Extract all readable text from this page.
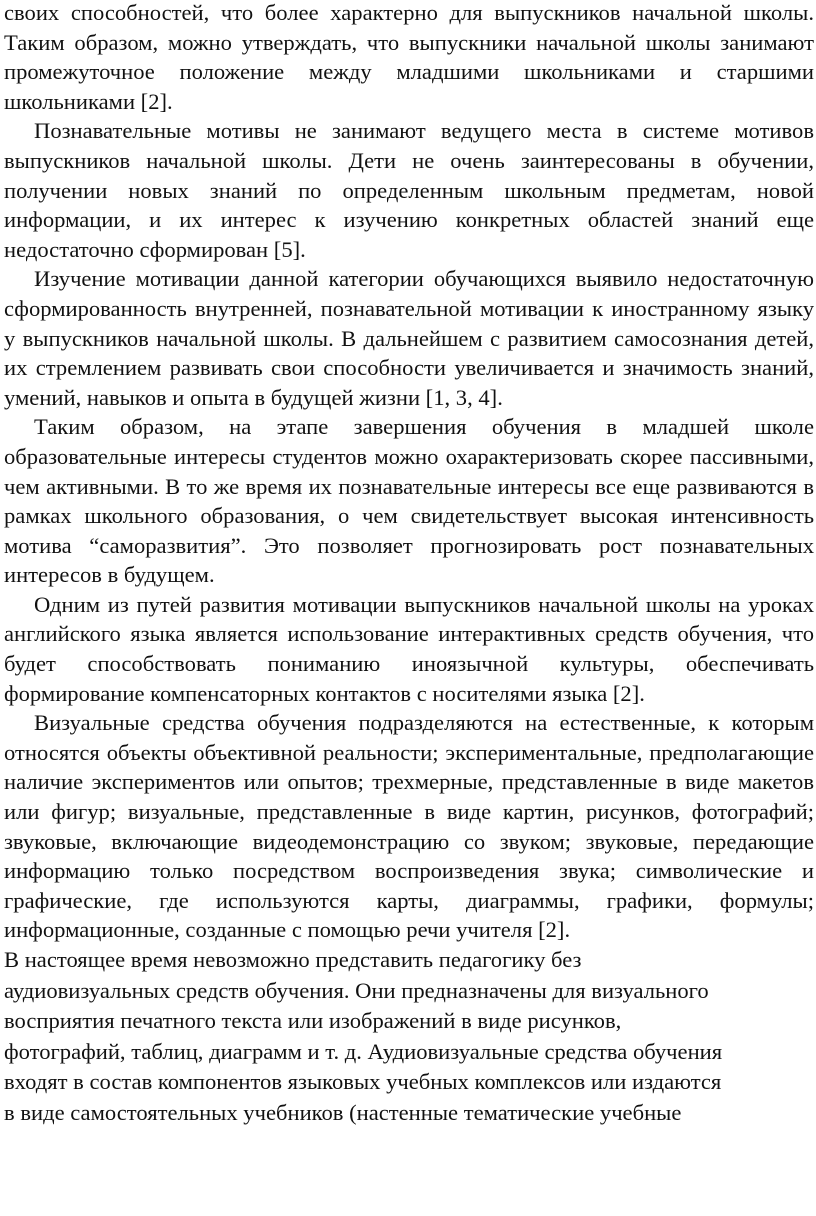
своих способностей, что более характерно для выпускников начальной школы. Таким образом, можно утверждать, что выпускники начальной школы занимают промежуточное положение между младшими школьниками и старшими школьниками [2].

Познавательные мотивы не занимают ведущего места в системе мотивов выпускников начальной школы. Дети не очень заинтересованы в обучении, получении новых знаний по определенным школьным предметам, новой информации, и их интерес к изучению конкретных областей знаний еще недостаточно сформирован [5].

Изучение мотивации данной категории обучающихся выявило недостаточную сформированность внутренней, познавательной мотивации к иностранному языку у выпускников начальной школы. В дальнейшем с развитием самосознания детей, их стремлением развивать свои способности увеличивается и значимость знаний, умений, навыков и опыта в будущей жизни [1, 3, 4].

Таким образом, на этапе завершения обучения в младшей школе образовательные интересы студентов можно охарактеризовать скорее пассивными, чем активными. В то же время их познавательные интересы все еще развиваются в рамках школьного образования, о чем свидетельствует высокая интенсивность мотива “саморазвития”. Это позволяет прогнозировать рост познавательных интересов в будущем.

Одним из путей развития мотивации выпускников начальной школы на уроках английского языка является использование интерактивных средств обучения, что будет способствовать пониманию иноязычной культуры, обеспечивать формирование компенсаторных контактов с носителями языка [2].

Визуальные средства обучения подразделяются на естественные, к которым относятся объекты объективной реальности; экспериментальные, предполагающие наличие экспериментов или опытов; трехмерные, представленные в виде макетов или фигур; визуальные, представленные в виде картин, рисунков, фотографий; звуковые, включающие видеодемонстрацию со звуком; звуковые, передающие информацию только посредством воспроизведения звука; символические и графические, где используются карты, диаграммы, графики, формулы; информационные, созданные с помощью речи учителя [2].

В настоящее время невозможно представить педагогику без
аудиовизуальных средств обучения. Они предназначены для визуального
восприятия печатного текста или изображений в виде рисунков,
фотографий, таблиц, диаграмм и т. д. Аудиовизуальные средства обучения
входят в состав компонентов языковых учебных комплексов или издаются
в виде самостоятельных учебников (настенные тематические учебные
